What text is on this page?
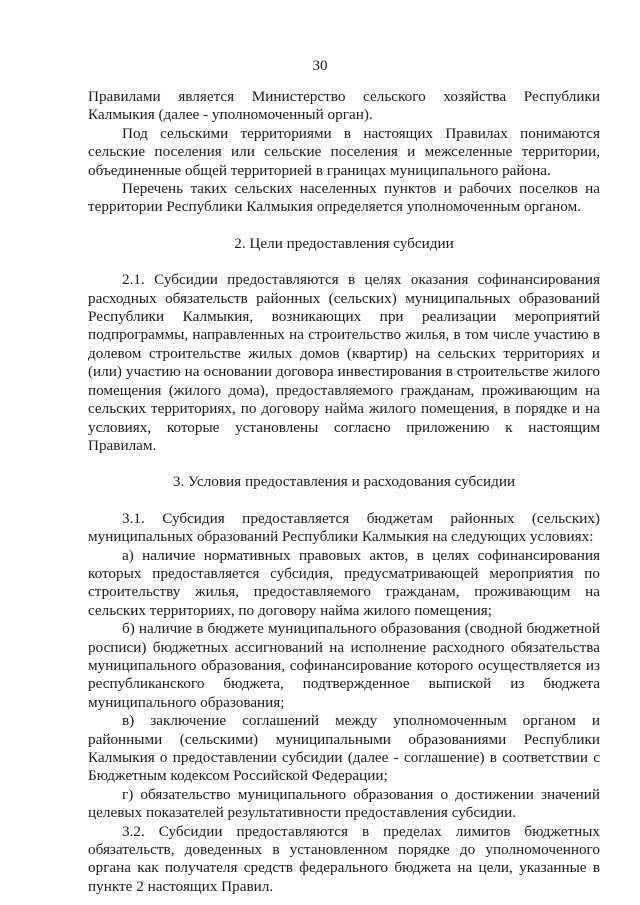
30

Правилами является Министерство сельского хозяйства Республики Калмыкия (далее - уполномоченный орган).

Под сельскими территориями в настоящих Правилах понимаются сельские поселения или сельские поселения и межселенные территории, объединенные общей территорией в границах муниципального района.

Перечень таких сельских населенных пунктов и рабочих поселков на территории Республики Калмыкия определяется уполномоченным органом.

2. Цели предоставления субсидии

2.1. Субсидии предоставляются в целях оказания софинансирования расходных обязательств районных (сельских) муниципальных образований Республики Калмыкия, возникающих при реализации мероприятий подпрограммы, направленных на строительство жилья, в том числе участию в долевом строительстве жилых домов (квартир) на сельских территориях и (или) участию на основании договора инвестирования в строительстве жилого помещения (жилого дома), предоставляемого гражданам, проживающим на сельских территориях, по договору найма жилого помещения, в порядке и на условиях, которые установлены согласно приложению к настоящим Правилам.

3. Условия предоставления и расходования субсидии

3.1. Субсидия предоставляется бюджетам районных (сельских) муниципальных образований Республики Калмыкия на следующих условиях:

а) наличие нормативных правовых актов, в целях софинансирования которых предоставляется субсидия, предусматривающей мероприятия по строительству жилья, предоставляемого гражданам, проживающим на сельских территориях, по договору найма жилого помещения;

б) наличие в бюджете муниципального образования (сводной бюджетной росписи) бюджетных ассигнований на исполнение расходного обязательства муниципального образования, софинансирование которого осуществляется из республиканского бюджета, подтвержденное выпиской из бюджета муниципального образования;

в) заключение соглашений между уполномоченным органом и районными (сельскими) муниципальными образованиями Республики Калмыкия о предоставлении субсидии (далее - соглашение) в соответствии с Бюджетным кодексом Российской Федерации;

г) обязательство муниципального образования о достижении значений целевых показателей результативности предоставления субсидии.

3.2. Субсидии предоставляются в пределах лимитов бюджетных обязательств, доведенных в установленном порядке до уполномоченного органа как получателя средств федерального бюджета на цели, указанные в пункте 2 настоящих Правил.
